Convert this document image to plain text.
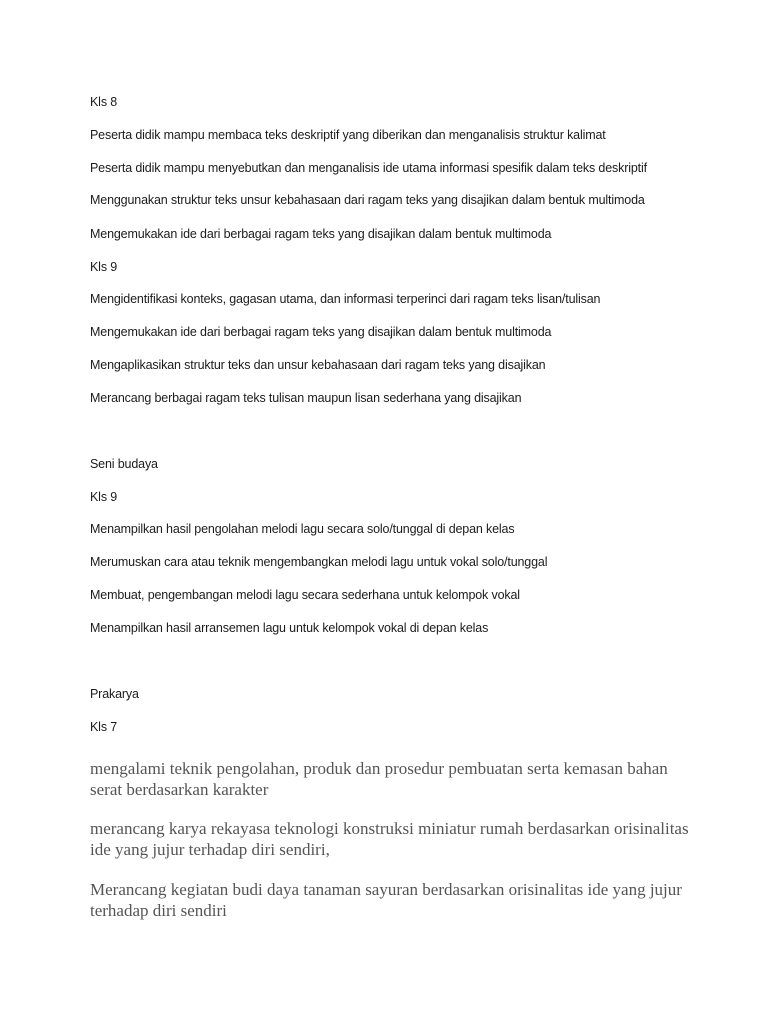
Kls 8
Peserta didik mampu membaca teks deskriptif yang diberikan dan menganalisis struktur kalimat
Peserta didik mampu menyebutkan dan menganalisis ide utama informasi spesifik dalam teks deskriptif
Menggunakan struktur teks unsur kebahasaan dari ragam teks yang disajikan dalam bentuk multimoda
Mengemukakan ide dari berbagai ragam teks yang disajikan dalam bentuk multimoda
Kls 9
Mengidentifikasi konteks, gagasan utama, dan informasi terperinci dari ragam teks lisan/tulisan
Mengemukakan ide dari berbagai ragam teks yang disajikan dalam bentuk multimoda
Mengaplikasikan struktur teks dan unsur kebahasaan dari ragam teks yang disajikan
Merancang berbagai ragam teks tulisan maupun lisan sederhana yang disajikan
Seni budaya
Kls 9
Menampilkan hasil pengolahan melodi lagu secara solo/tunggal di depan kelas
Merumuskan cara atau teknik mengembangkan melodi lagu untuk vokal solo/tunggal
Membuat, pengembangan melodi lagu secara sederhana untuk kelompok vokal
Menampilkan hasil arransemen lagu untuk kelompok vokal di depan kelas
Prakarya
Kls 7
mengalami teknik pengolahan, produk dan prosedur pembuatan serta kemasan bahan serat berdasarkan karakter
merancang karya rekayasa teknologi konstruksi miniatur rumah berdasarkan orisinalitas ide yang jujur terhadap diri sendiri,
Merancang kegiatan budi daya tanaman sayuran berdasarkan orisinalitas ide yang jujur terhadap diri sendiri
